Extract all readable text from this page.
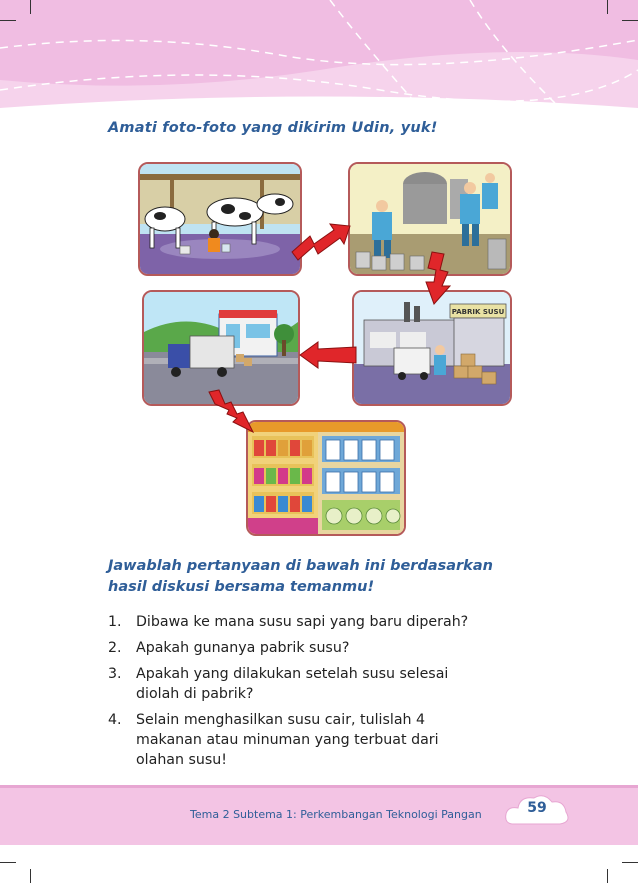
Amati foto-foto yang dikirim Udin, yuk!
PABRIK SUSU
Jawablah pertanyaan di bawah ini berdasarkan
hasil diskusi bersama temanmu!
1. Dibawa ke mana susu sapi yang baru diperah?
2. Apakah gunanya pabrik susu?
3. Apakah yang dilakukan setelah susu selesai
diolah di pabrik?
4. Selain menghasilkan susu cair, tulislah 4
makanan atau minuman yang terbuat dari
olahan susu!
Tema 2 Subtema 1: Perkembangan Teknologi Pangan	59
